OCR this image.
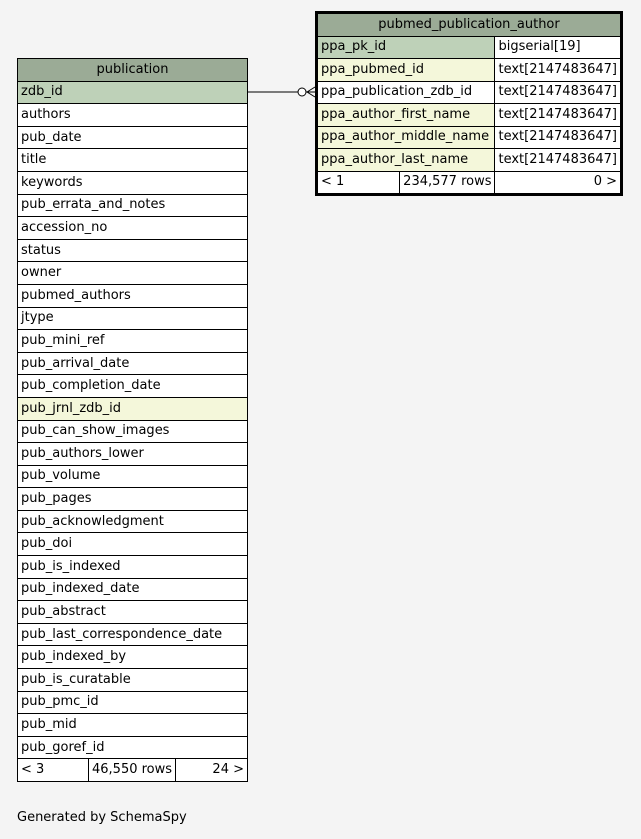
publication
zdb_id
authors
pub_date
title
keywords
pub_errata_and_notes
accession_no
status
owner
pubmed_authors
jtype
pub_mini_ref
pub_arrival_date
pub_completion_date
pub_jrnl_zdb_id
pub_can_show_images
pub_authors_lower
pub_volume
pub_pages
pub_acknowledgment
pub_doi
pub_is_indexed
pub_indexed_date
pub_abstract
pub_last_correspondence_date
pub_indexed_by
pub_is_curatable
pub_pmc_id
pub_mid
pub_goref_id
< 3	46,550 rows	24 >
pubmed_publication_author		
ppa_pk_id		bigserial[19]
ppa_pubmed_id		text[2147483647]
ppa_publication_zdb_id		text[2147483647]
ppa_author_first_name		text[2147483647]
ppa_author_middle_name		text[2147483647]
ppa_author_last_name		text[2147483647]
< 1	234,577 rows	0 >
Generated by SchemaSpy
